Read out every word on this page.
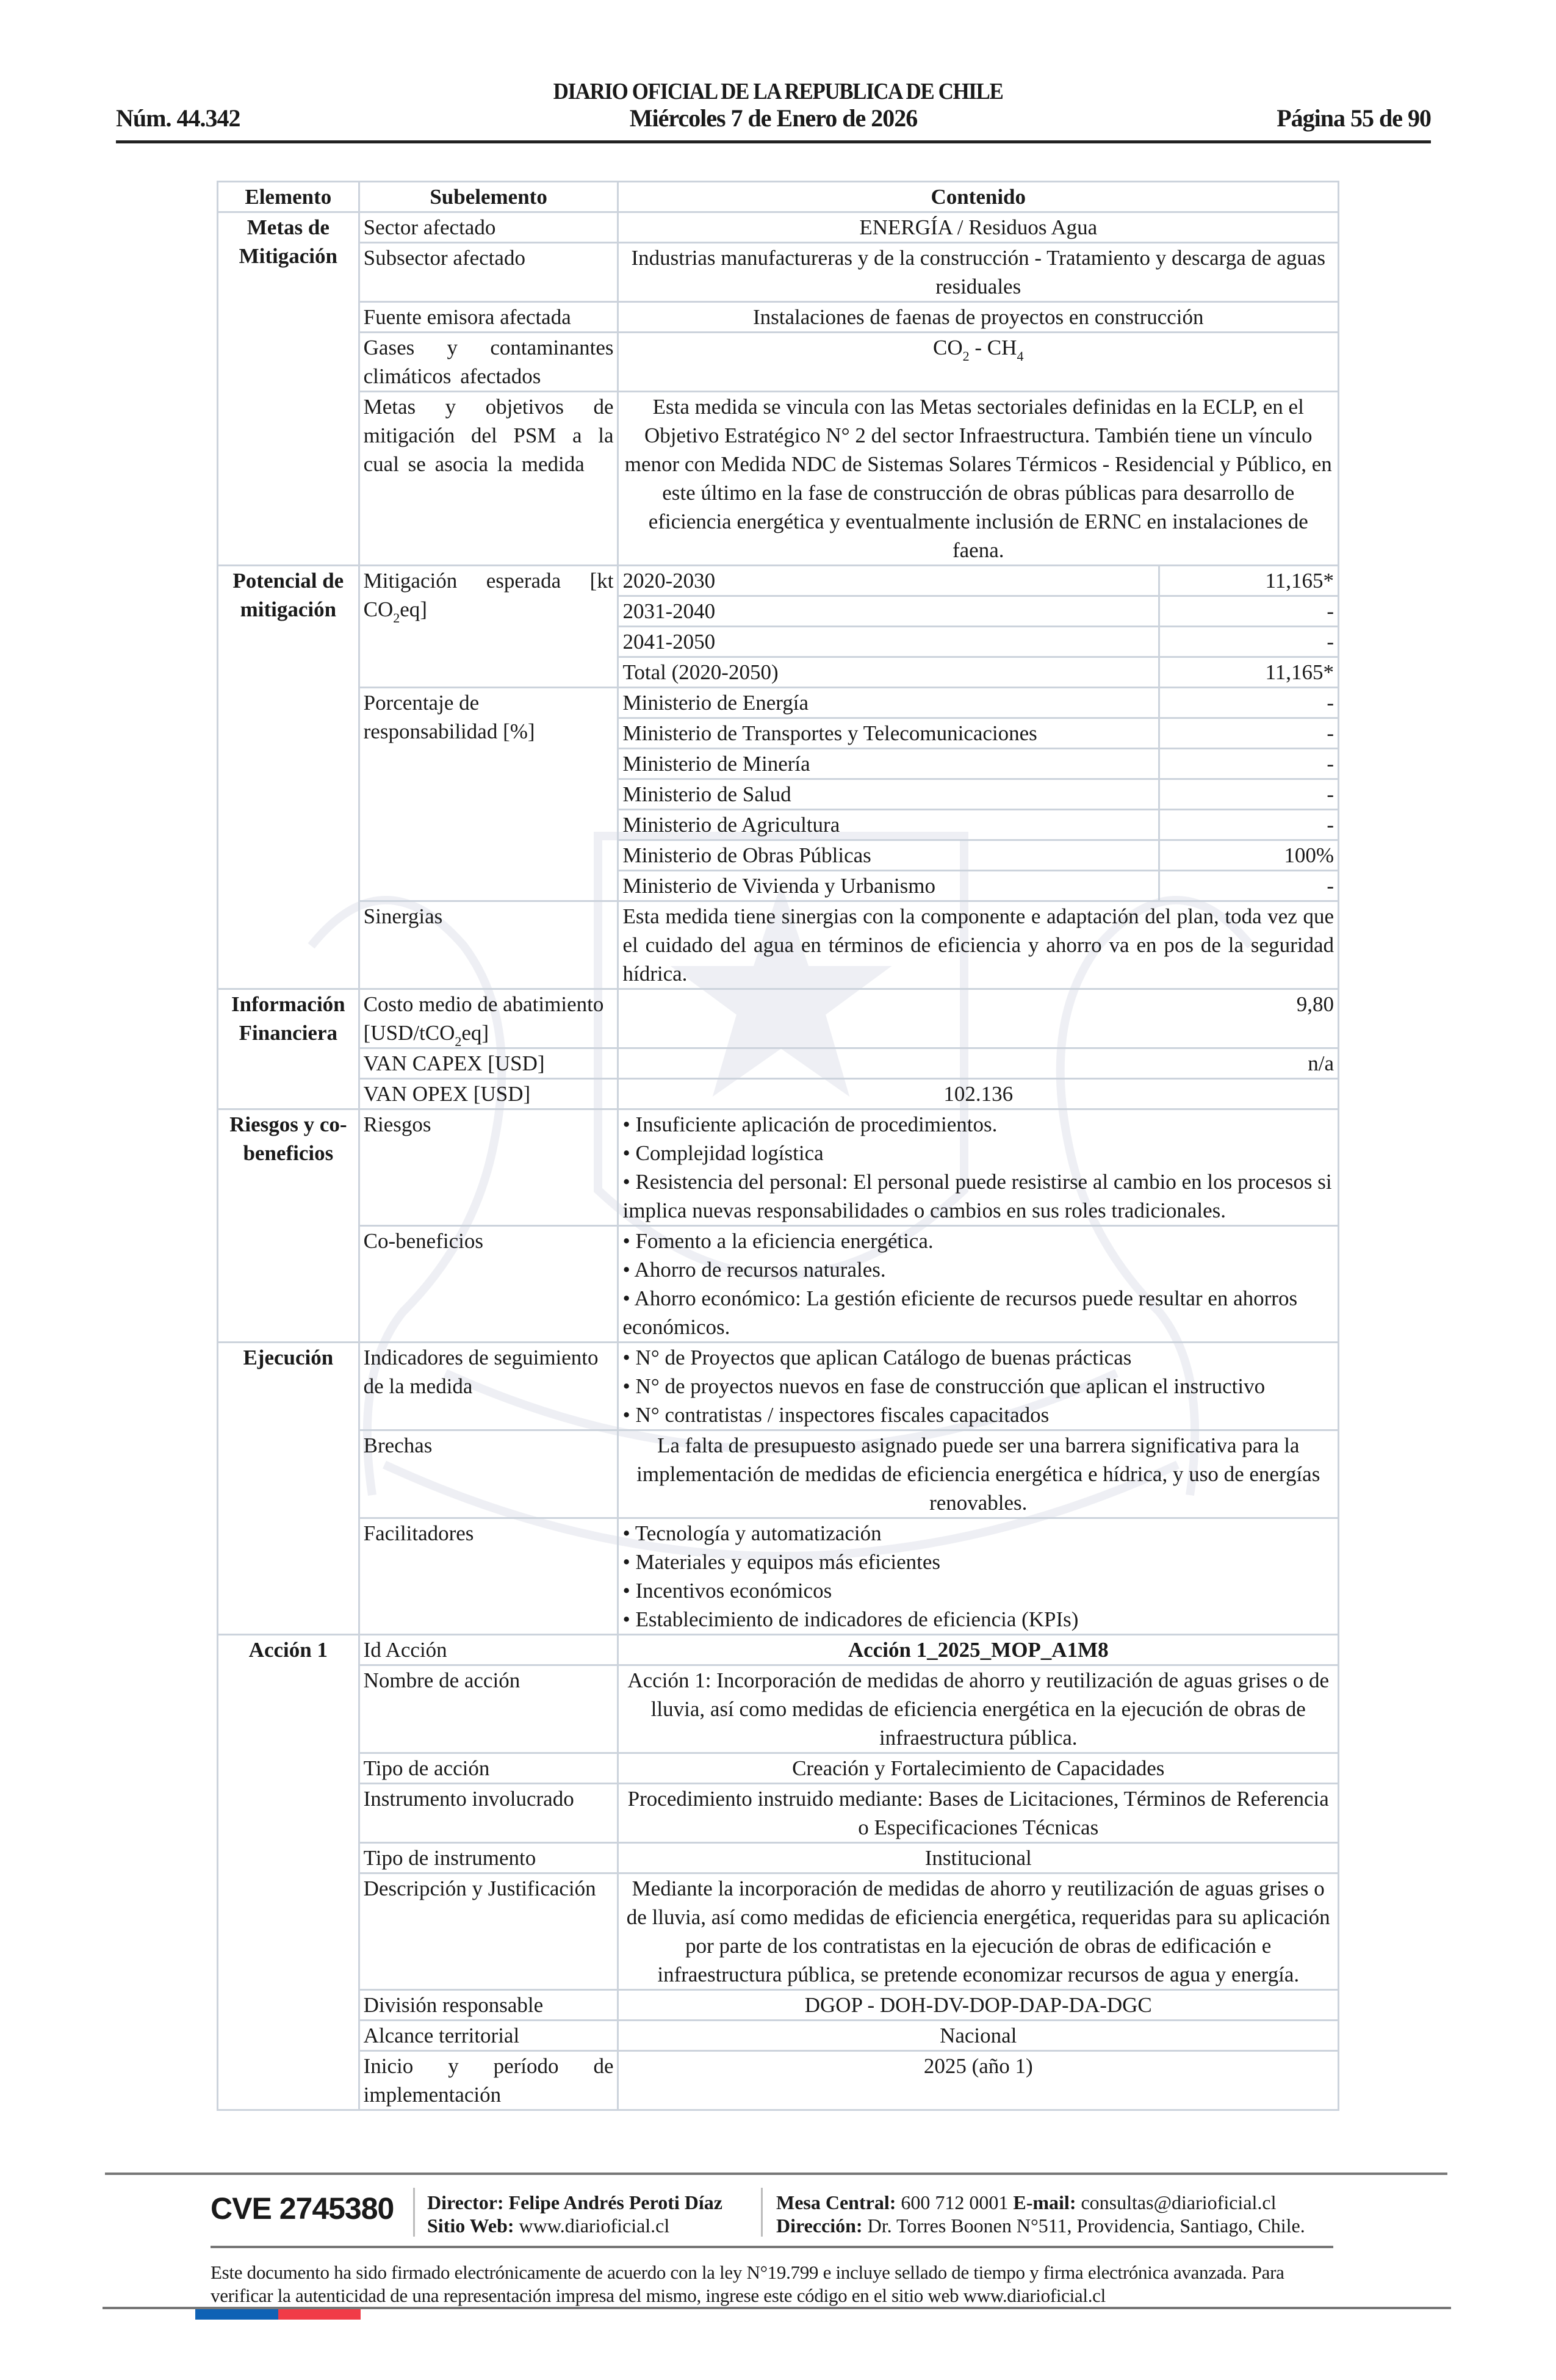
DIARIO OFICIAL DE LA REPUBLICA DE CHILE
Núm. 44.342	Miércoles 7 de Enero de 2026	Página 55 de 90
Elemento	Subelemento	Contenido	
Metas de Mitigación	Sector afectado	ENERGÍA / Residuos Agua	
	Subsector afectado	Industrias manufactureras y de la construcción - Tratamiento y descarga de aguas residuales	
	Fuente emisora afectada	Instalaciones de faenas de proyectos en construcción	
	Gases y contaminantes climáticos afectados	$CO_2 - CH_4$
	Metas y objetivos de mitigación del PSM a la cual se asocia la medida	Esta medida se vincula con las Metas sectoriales definidas en la ECLP, en el Objetivo Estratégico N° 2 del sector Infraestructura. También tiene un vínculo menor con Medida NDC de Sistemas Solares Térmicos - Residencial y Público, en este último en la fase de construcción de obras públicas para desarrollo de eficiencia energética y eventualmente inclusión de ERNC en instalaciones de faena.	
Potencial de mitigación	Mitigación esperada [kt $CO_2eq$]	2020-2030	11,165*
		2031-2040	-
		2041-2050	-
		Total (2020-2050)	11,165*
	Porcentaje de responsabilidad [%]	Ministerio de Energía	-
		Ministerio de Transportes y Telecomunicaciones	-
		Ministerio de Minería	-
		Ministerio de Salud	-
		Ministerio de Agricultura	-
		Ministerio de Obras Públicas	100%
		Ministerio de Vivienda y Urbanismo	-
	Sinergias	Esta medida tiene sinergias con la componente e adaptación del plan, toda vez que el cuidado del agua en términos de eficiencia y ahorro va en pos de la seguridad hídrica.	
Información Financiera	Costo medio de abatimiento [USD/tCO$_2$eq]	9,80	
	VAN CAPEX [USD]	n/a	
	VAN OPEX [USD]	102.136	
Riesgos y co-beneficios	Riesgos	• Insuficiente aplicación de procedimientos.
• Complejidad logística
• Resistencia del personal: El personal puede resistirse al cambio en los procesos si implica nuevas responsabilidades o cambios en sus roles tradicionales.	

	Co-beneficios	• Fomento a la eficiencia energética.
• Ahorro de recursos naturales.
• Ahorro económico: La gestión eficiente de recursos puede resultar en ahorros económicos.	

Ejecución	Indicadores de seguimiento de la medida	• N° de Proyectos que aplican Catálogo de buenas prácticas
• N° de proyectos nuevos en fase de construcción que aplican el instructivo
• N° contratistas / inspectores fiscales capacitados	

	Brechas	La falta de presupuesto asignado puede ser una barrera significativa para la implementación de medidas de eficiencia energética e hídrica, y uso de energías renovables.	
	Facilitadores	• Tecnología y automatización
• Materiales y equipos más eficientes
• Incentivos económicos
• Establecimiento de indicadores de eficiencia (KPIs)	

Acción 1	Id Acción	Acción 1_2025_MOP_A1M8	
	Nombre de acción	Acción 1: Incorporación de medidas de ahorro y reutilización de aguas grises o de lluvia, así como medidas de eficiencia energética en la ejecución de obras de infraestructura pública.	
	Tipo de acción	Creación y Fortalecimiento de Capacidades	
	Instrumento involucrado	Procedimiento instruido mediante: Bases de Licitaciones, Términos de Referencia o Especificaciones Técnicas	
	Tipo de instrumento	Institucional	
	Descripción y Justificación	Mediante la incorporación de medidas de ahorro y reutilización de aguas grises o de lluvia, así como medidas de eficiencia energética, requeridas para su aplicación por parte de los contratistas en la ejecución de obras de edificación e infraestructura pública, se pretende economizar recursos de agua y energía.	
	División responsable	DGOP - DOH-DV-DOP-DAP-DA-DGC	
	Alcance territorial	Nacional	
	Inicio y período de implementación	2025 (año 1)	
CVE 2745380 Director: Felipe Andrés Peroti Díaz
Sitio Web: www.diarioficial.cl
Mesa Central: 600 712 0001 E-mail: consultas@diarioficial.cl
Dirección: Dr. Torres Boonen N°511, Providencia, Santiago, Chile.
Este documento ha sido firmado electrónicamente de acuerdo con la ley N°19.799 e incluye sellado de tiempo y firma electrónica avanzada. Para verificar la autenticidad de una representación impresa del mismo, ingrese este código en el sitio web www.diarioficial.cl
